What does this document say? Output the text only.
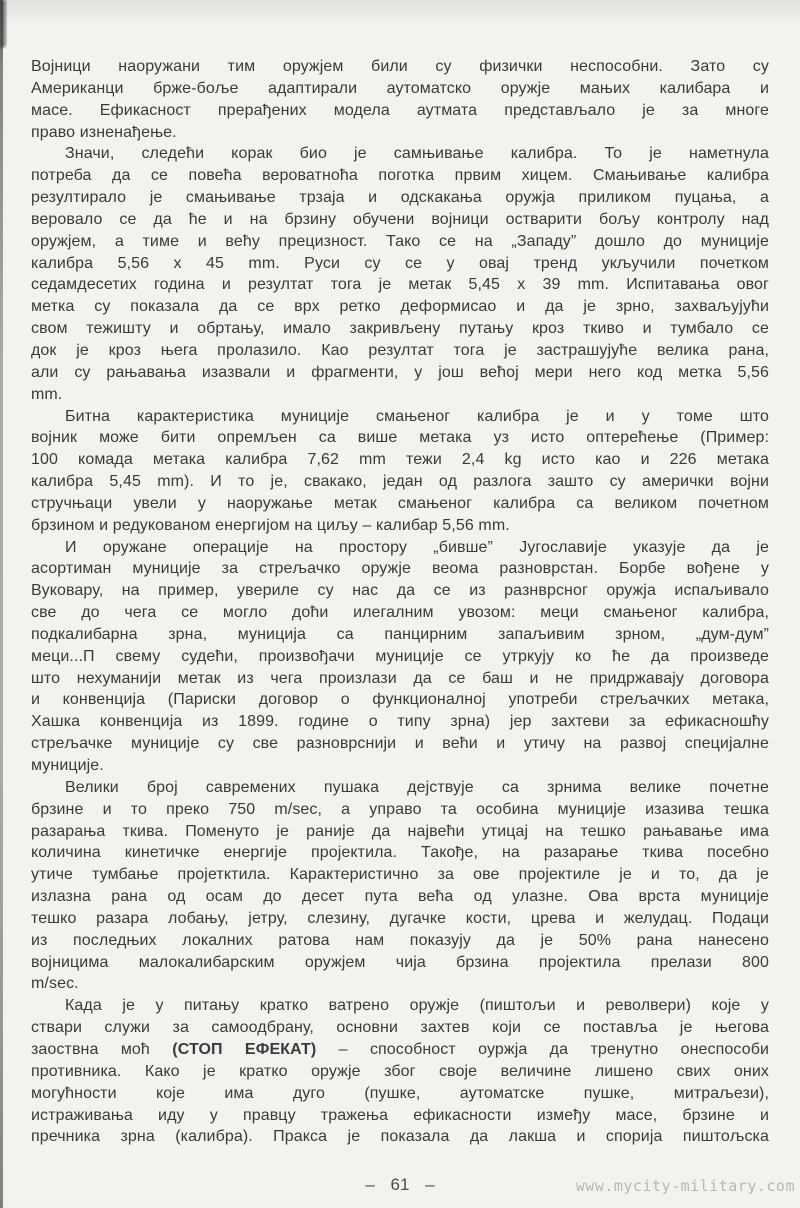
Војници наоружани тим оружјем били су физички неспособни. Зато су
Американци брже-боље адаптирали аутоматско оружје мањих калибара и
масе. Ефикасност прерађених модела аутмата представљало је за многе
право изненађење.
Значи, следећи корак био је самњивање калибра. То је наметнула
потреба да се повећа вероватноћа поготка првим хицем. Смањивање калибра
резултирало је смањивање трзаја и одскакања оружја приликом пуцања, а
веровало се да ће и на брзину обучени војници остварити бољу контролу над
оружјем, а тиме и већу прецизност. Тако се на „Западу” дошло до муниције
калибра 5,56 х 45 mm. Руси су се у овај тренд укључили почетком
седамдесетих година и резултат тога је метак 5,45 х 39 mm. Испитавања овог
метка су показала да се врх ретко деформисао и да је зрно, захваљујући
свом тежишту и обртању, имало закривљену путању кроз ткиво и тумбало се
док је кроз њега пролазило. Као резултат тога је застрашујуће велика рана,
али су рањавања изазвали и фрагменти, у још већој мери него код метка 5,56
mm.
Битна карактеристика муниције смањеног калибра је и у томе што
војник може бити опремљен са више метака уз исто оптерећење (Пример:
100 комада метака калибра 7,62 mm тежи 2,4 kg исто као и 226 метака
калибра 5,45 mm). И то је, свакако, један од разлога зашто су амерички војни
стручњаци увели у наоружање метак смањеног калибра са великом почетном
брзином и редукованом енергијом на циљу – калибар 5,56 mm.
И оружане операције на простору „бивше” Југославије указује да је
асортиман муниције за стрељачко оружје веома разноврстан. Борбе вођене у
Вуковару, на пример, увериле су нас да се из разнврсног оружја испаљивало
све до чега се могло доћи илегалним увозом: меци смањеног калибра,
подкалибарна зрна, муниција са панцирним запаљивим зрном, „дум-дум”
меци...П свему судећи, произвођачи муниције се утркују ко ће да произведе
што нехуманији метак из чега произлази да се баш и не придржавају договора
и конвенција (Париски договор о функционалној употреби стрељачких метака,
Хашка конвенција из 1899. године о типу зрна) јер захтеви за ефикасношћу
стрељачке муниције су све разноврснији и већи и утичу на развој специјалне
муниције.
Велики број савремених пушака дејствује са зрнима велике почетне
брзине и то преко 750 m/sec, а управо та особина муниције изазива тешка
разарања ткива. Поменуто је раније да највећи утицај на тешко рањавање има
количина кинетичке енергије пројектила. Такође, на разарање ткива посебно
утиче тумбање пројетктила. Карактеристично за ове пројектиле је и то, да је
излазна рана од осам до десет пута већа од улазне. Ова врста муниције
тешко разара лобању, јетру, слезину, дугачке кости, црева и желудац. Подаци
из последњих локалних ратова нам показују да је 50% рана нанесено
војницима малокалибарским оружјем чија брзина пројектила прелази 800
m/sec.
Када је у питању кратко ватрено оружје (пиштољи и револвери) које у
ствари служи за самоодбрану, основни захтев који се поставља је његова
заоствна моћ (СТОП ЕФЕКАТ) – способност оуржја да тренутно онеспособи
противника. Како је кратко оружје због своје величине лишено свих оних
могућности које има дуго (пушке, аутоматске пушке, митраљези),
истраживања иду у правцу тражења ефикасности између масе, брзине и
пречника зрна (калибра). Пракса је показала да лакша и спорија пиштољска
– 61 –	www.mycity-military.com
